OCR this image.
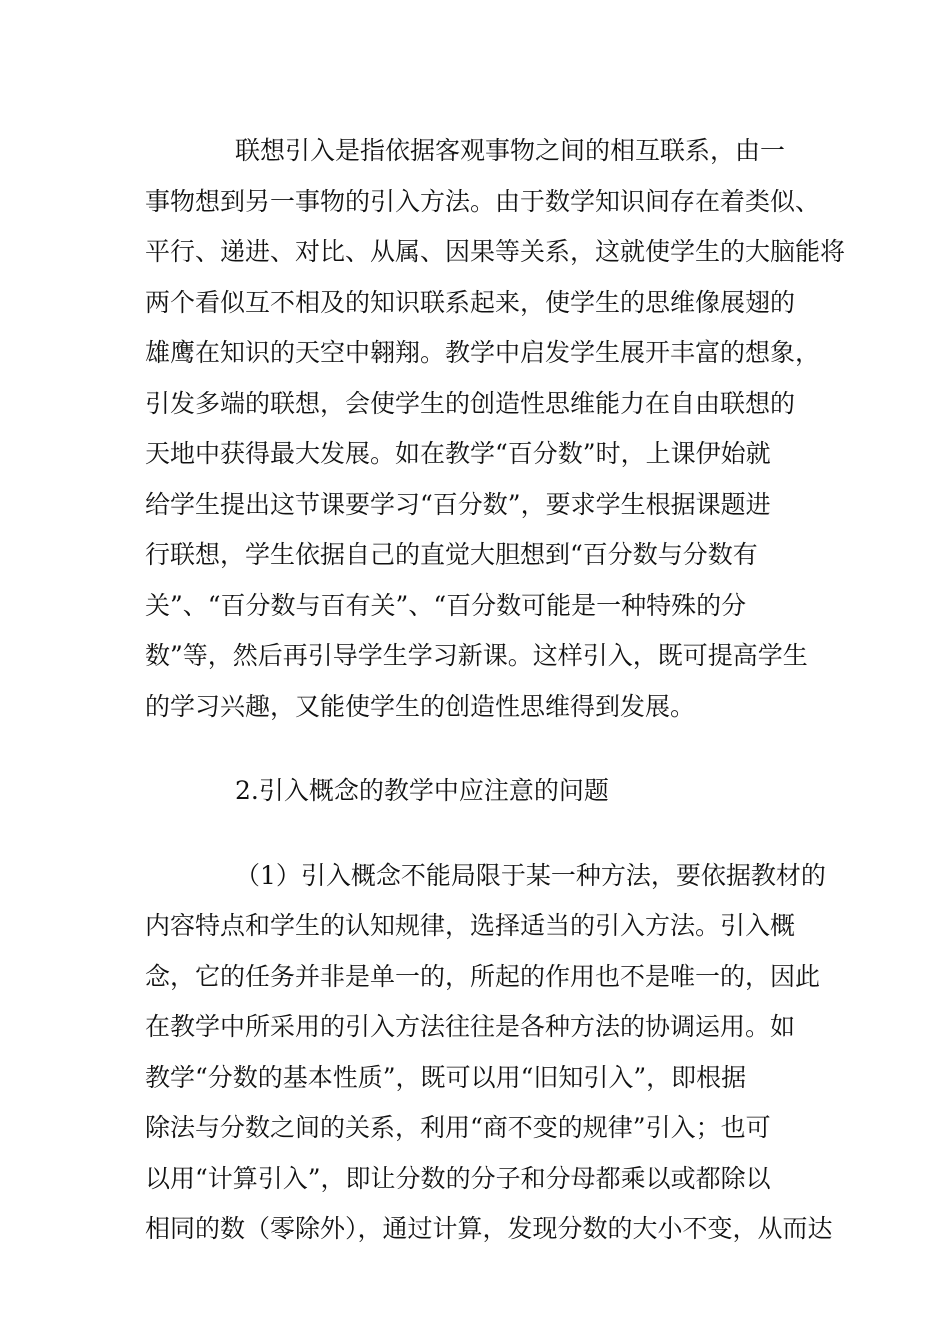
联想引入是指依据客观事物之间的相互联系，由一
事物想到另一事物的引入方法。由于数学知识间存在着类似、
平行、递进、对比、从属、因果等关系，这就使学生的大脑能将
两个看似互不相及的知识联系起来，使学生的思维像展翅的
雄鹰在知识的天空中翱翔。教学中启发学生展开丰富的想象，
引发多端的联想，会使学生的创造性思维能力在自由联想的
天地中获得最大发展。如在教学“百分数”时，上课伊始就
给学生提出这节课要学习“百分数”，要求学生根据课题进
行联想，学生依据自己的直觉大胆想到“百分数与分数有
关”、“百分数与百有关”、“百分数可能是一种特殊的分
数”等，然后再引导学生学习新课。这样引入，既可提高学生
的学习兴趣，又能使学生的创造性思维得到发展。
2.引入概念的教学中应注意的问题
（1）引入概念不能局限于某一种方法，要依据教材的
内容特点和学生的认知规律，选择适当的引入方法。引入概
念，它的任务并非是单一的，所起的作用也不是唯一的，因此
在教学中所采用的引入方法往往是各种方法的协调运用。如
教学“分数的基本性质”，既可以用“旧知引入”，即根据
除法与分数之间的关系，利用“商不变的规律”引入；也可
以用“计算引入”，即让分数的分子和分母都乘以或都除以
相同的数（零除外），通过计算，发现分数的大小不变，从而达
